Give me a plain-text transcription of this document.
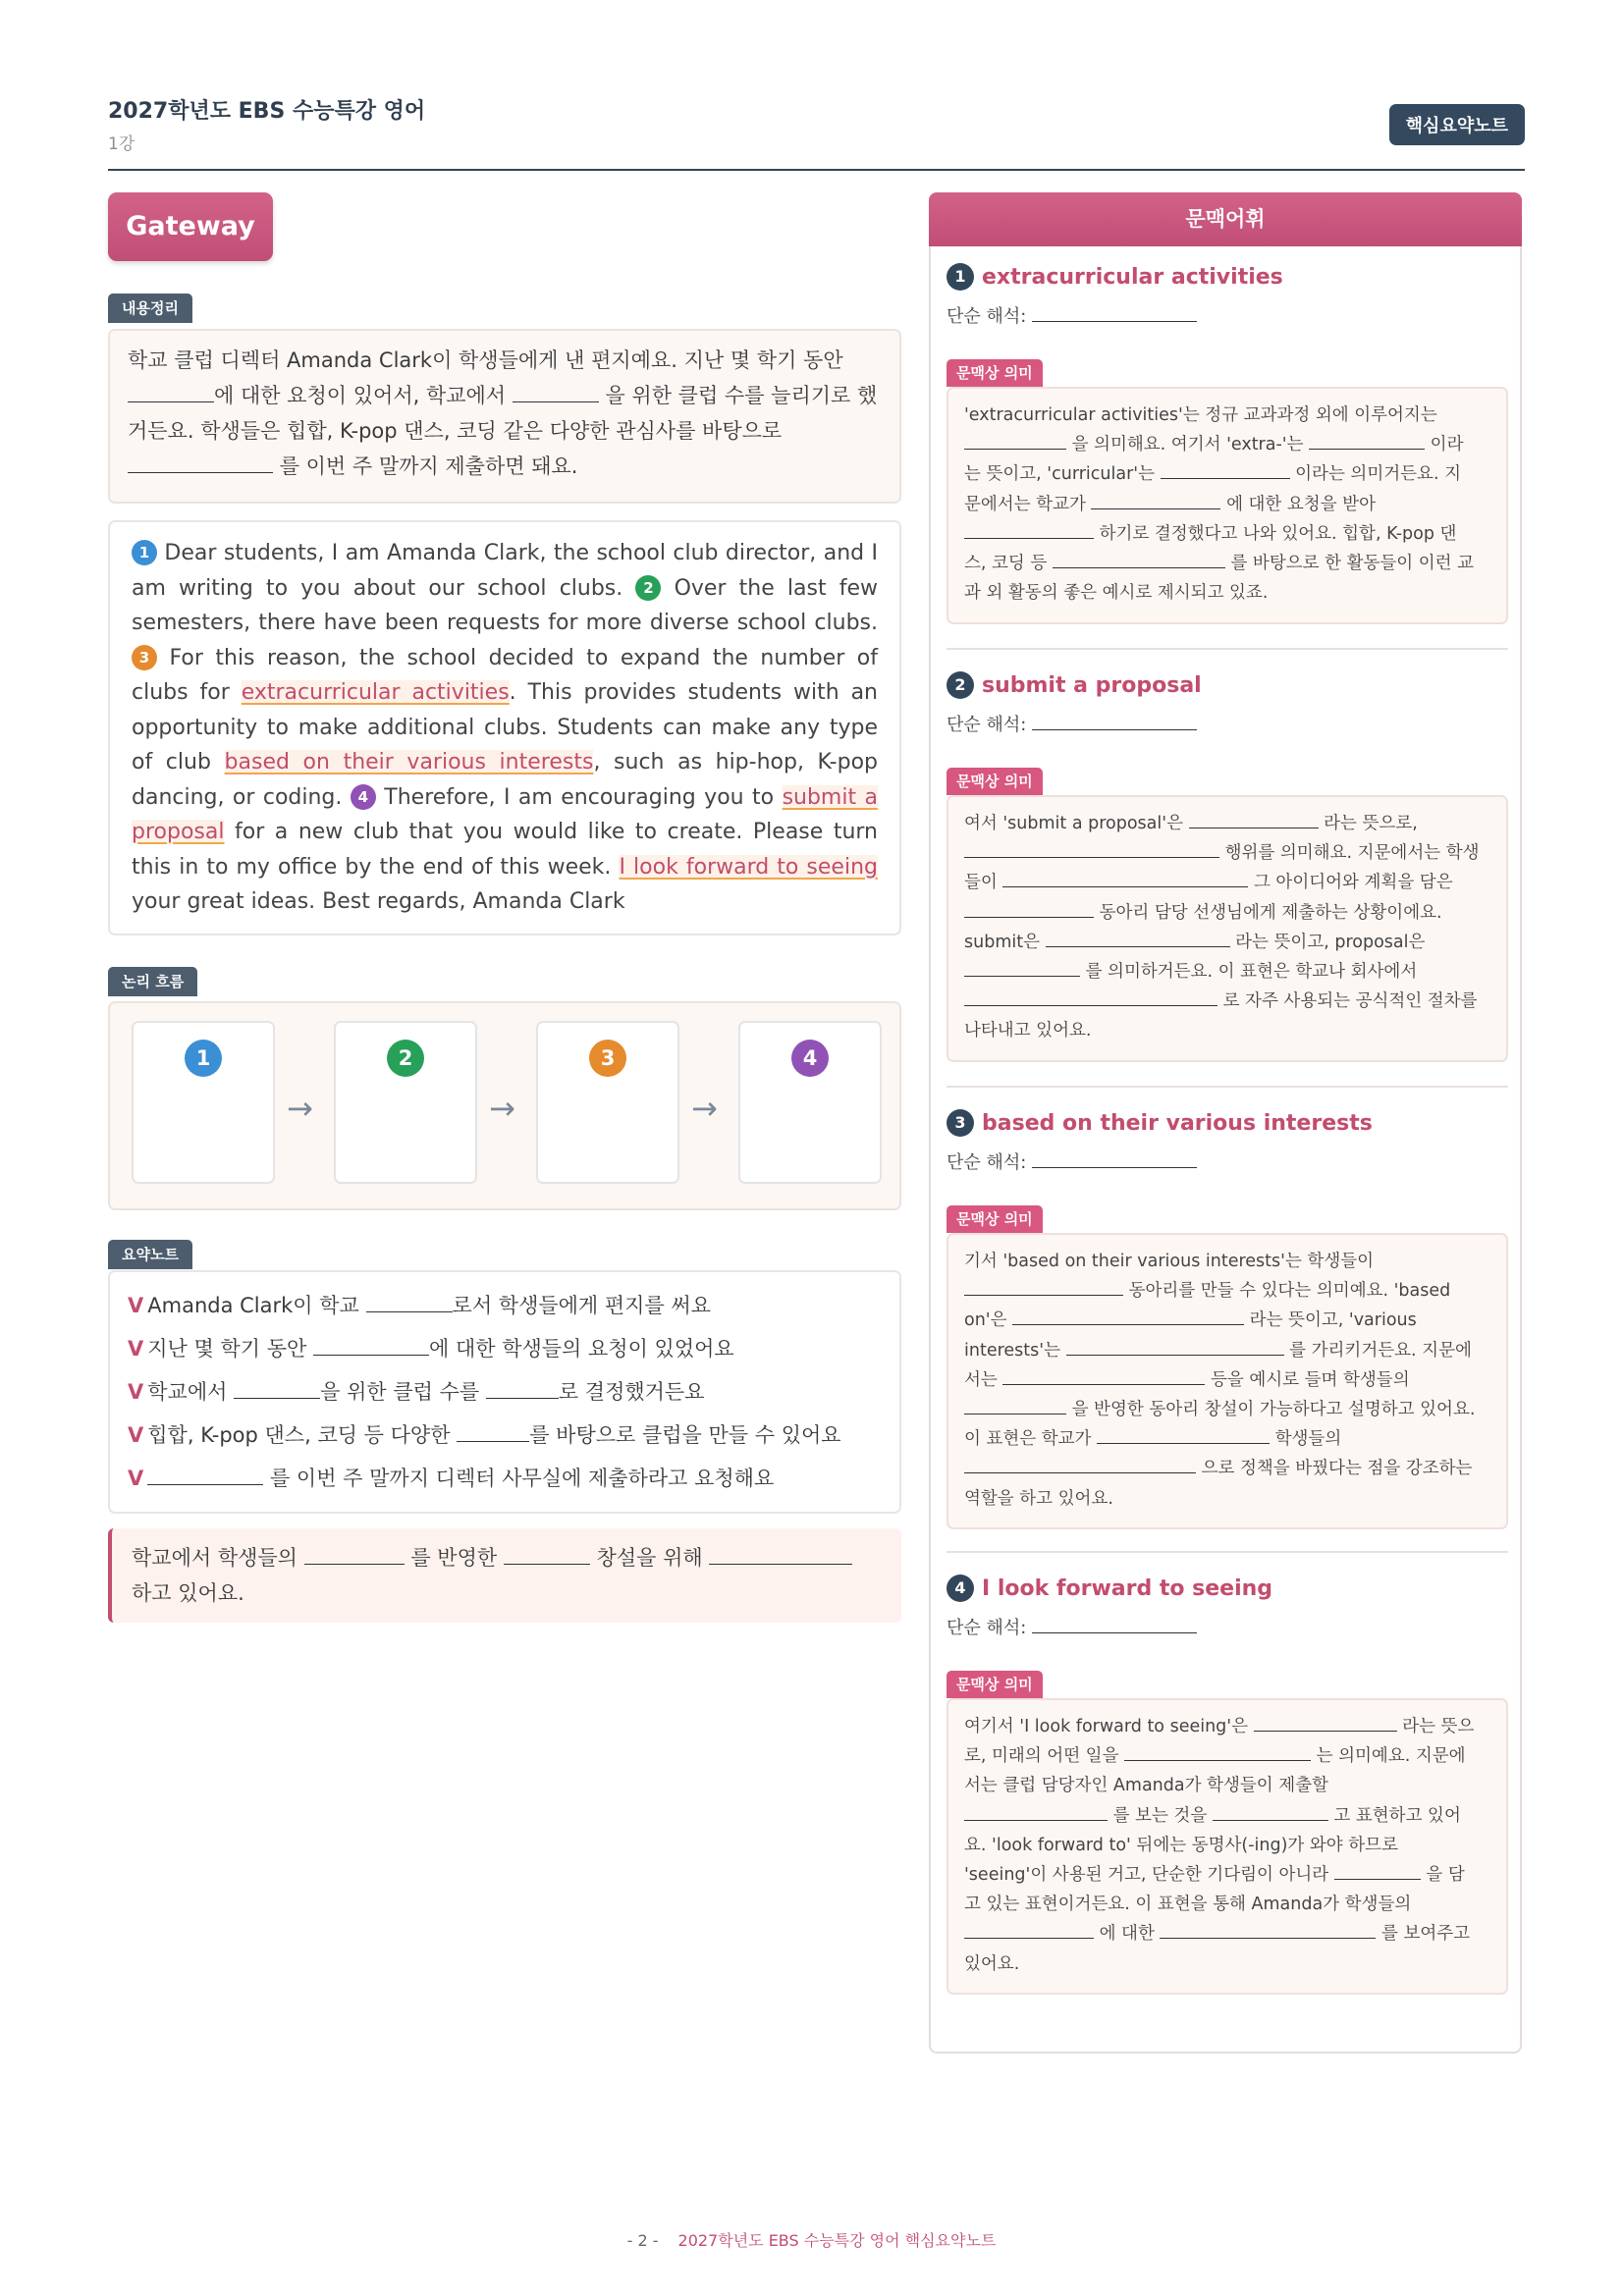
2027학년도 EBS 수능특강 영어
1강
핵심요약노트
Gateway
내용정리
학교 클럽 디렉터 Amanda Clark이 학생들에게 낸 편지예요. 지난 몇 학기 동안
에 대한 요청이 있어서, 학교에서	을 위한 클럽 수를 늘리기로 했
거든요. 학생들은 힙합, K-pop 댄스, 코딩 같은 다양한 관심사를 바탕으로
를 이번 주 말까지 제출하면 돼요.
1 Dear students, I am Amanda Clark, the school club director, and I am writing to you about our school clubs. 2 Over the last few semesters, there have been requests for more diverse school clubs. 3 For this reason, the school decided to expand the number of clubs for extracurricular activities. This provides students with an opportunity to make additional clubs. Students can make any type of club based on their various interests, such as hip-hop, K-pop dancing, or coding. 4 Therefore, I am encouraging you to submit a proposal for a new club that you would like to create. Please turn this in to my office by the end of this week. I look forward to seeing your great ideas. Best regards, Amanda Clark
논리 흐름
1
→
2
→
3
→
4
요약노트
V Amanda Clark이 학교	로서 학생들에게 편지를 써요
V 지난 몇 학기 동안	에 대한 학생들의 요청이 있었어요
V 학교에서	을 위한 클럽 수를	로 결정했거든요
V 힙합, K-pop 댄스, 코딩 등 다양한	를 바탕으로 클럽을 만들 수 있어요
V	를 이번 주 말까지 디렉터 사무실에 제출하라고 요청해요
학교에서 학생들의	를 반영한	창설을 위해
하고 있어요.
문맥어휘
1 extracurricular activities
단순 해석:
문맥상 의미
'extracurricular activities'는 정규 교과과정 외에 이루어지는
을 의미해요. 여기서 'extra-'는	이라
는 뜻이고, 'curricular'는	이라는 의미거든요. 지
문에서는 학교가	에 대한 요청을 받아
하기로 결정했다고 나와 있어요. 힙합, K-pop 댄
스, 코딩 등	를 바탕으로 한 활동들이 이런 교
과 외 활동의 좋은 예시로 제시되고 있죠.
2 submit a proposal
단순 해석:
문맥상 의미
여서 'submit a proposal'은	라는 뜻으로,
행위를 의미해요. 지문에서는 학생
들이	그 아이디어와 계획을 담은
동아리 담당 선생님에게 제출하는 상황이에요.
submit은	라는 뜻이고, proposal은
를 의미하거든요. 이 표현은 학교나 회사에서
로 자주 사용되는 공식적인 절차를
나타내고 있어요.
3 based on their various interests
단순 해석:
문맥상 의미
기서 'based on their various interests'는 학생들이
동아리를 만들 수 있다는 의미예요. 'based
on'은	라는 뜻이고, 'various
interests'는	를 가리키거든요. 지문에
서는	등을 예시로 들며 학생들의
을 반영한 동아리 창설이 가능하다고 설명하고 있어요.
이 표현은 학교가	학생들의
으로 정책을 바꿨다는 점을 강조하는
역할을 하고 있어요.
4 I look forward to seeing
단순 해석:
문맥상 의미
여기서 'I look forward to seeing'은	라는 뜻으
로, 미래의 어떤 일을	는 의미예요. 지문에
서는 클럽 담당자인 Amanda가 학생들이 제출할
를 보는 것을	고 표현하고 있어
요. 'look forward to' 뒤에는 동명사(-ing)가 와야 하므로
'seeing'이 사용된 거고, 단순한 기다림이 아니라	을 담
고 있는 표현이거든요. 이 표현을 통해 Amanda가 학생들의
에 대한	를 보여주고
있어요.
- 2 - 2027학년도 EBS 수능특강 영어 핵심요약노트
